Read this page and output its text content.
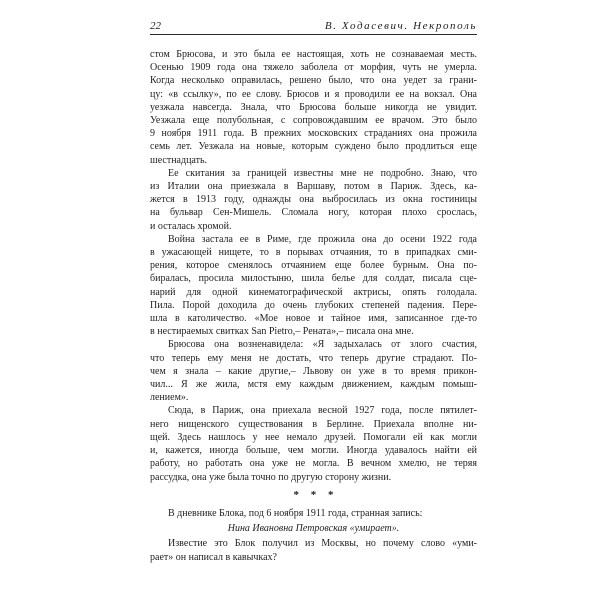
22	В. Ходасевич. Некрополь
стом Брюсова, и это была ее настоящая, хоть не сознаваемая месть.
Осенью 1909 года она тяжело заболела от морфия, чуть не умерла.
Когда несколько оправилась, решено было, что она уедет за грани-
цу: «в ссылку», по ее слову. Брюсов и я проводили ее на вокзал. Она
уезжала навсегда. Знала, что Брюсова больше никогда не увидит.
Уезжала еще полубольная, с сопровождавшим ее врачом. Это было
9 ноября 1911 года. В прежних московских страданиях она прожила
семь лет. Уезжала на новые, которым суждено было продлиться еще
шестнадцать.
Ее скитания за границей известны мне не подробно. Знаю, что
из Италии она приезжала в Варшаву, потом в Париж. Здесь, ка-
жется в 1913 году, однажды она выбросилась из окна гостиницы
на бульвар Сен-Мишель. Сломала ногу, которая плохо срослась,
и осталась хромой.
Война застала ее в Риме, где прожила она до осени 1922 года
в ужасающей нищете, то в порывах отчаяния, то в припадках сми-
рения, которое сменялось отчаянием еще более бурным. Она по-
биралась, просила милостыню, шила белье для солдат, писала сце-
нарий для одной кинематографической актрисы, опять голодала.
Пила. Порой доходила до очень глубоких степеней падения. Пере-
шла в католичество. «Мое новое и тайное имя, записанное где-то
в нестираемых свитках San Pietro,– Рената»,– писала она мне.
Брюсова она возненавидела: «Я задыхалась от злого счастия,
что теперь ему меня не достать, что теперь другие страдают. По-
чем я знала – какие другие,– Львову он уже в то время прикон-
чил... Я же жила, мстя ему каждым движением, каждым помыш-
лением».
Сюда, в Париж, она приехала весной 1927 года, после пятилет-
него нищенского существования в Берлине. Приехала вполне ни-
щей. Здесь нашлось у нее немало друзей. Помогали ей как могли
и, кажется, иногда больше, чем могли. Иногда удавалось найти ей
работу, но работать она уже не могла. В вечном хмелю, не теряя
рассудка, она уже была точно по другую сторону жизни.
* * *
В дневнике Блока, под 6 ноября 1911 года, странная запись:
Нина Ивановна Петровская «умирает».
Известие это Блок получил из Москвы, но почему слово «уми-
рает» он написал в кавычках?
